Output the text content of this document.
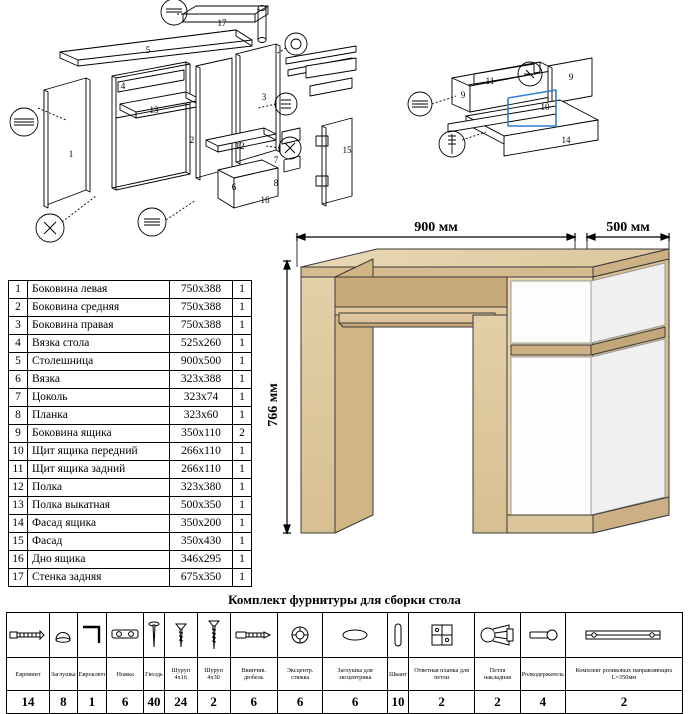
17
5
4
13
1
2
12
6
3
15
7
8
16
11	9
10
9
14
1	Боковина левая	750х388	1
2	Боковина средняя	750х388	1
3	Боковина правая	750х388	1
4	Вязка стола	525х260	1
5	Столешница	900х500	1
6	Вязка	323х388	1
7	Цоколь	323х74	1
8	Планка	323х60	1
9	Боковина ящика	350х110	2
10	Щит ящика передний	266х110	1
11	Щит ящика задний	266х110	1
12	Полка	323х380	1
13	Полка выкатная	500х350	1
14	Фасад ящика	350х200	1
15	Фасад	350х430	1
16	Дно ящика	346х295	1
17	Стенка задняя	675х350	1
900 мм	500 мм
766 мм
Комплект фурнитуры для сборки стола

Евровинт	Заглушка	Евроключ	Ножка	Гвоздь	Шуруп 4х16	Шуруп 4х30	Ввинчив. дюбель	Эксцентр. стяжка	Заглушка для эксцентрика	Шкант	Ответная планка для петли	Петля накладная	Ролкодержатель	Комплект роликовых направляющих L=350мм
14	8	1	6	40	24	2	6	6	6	10	2	2	4	2
